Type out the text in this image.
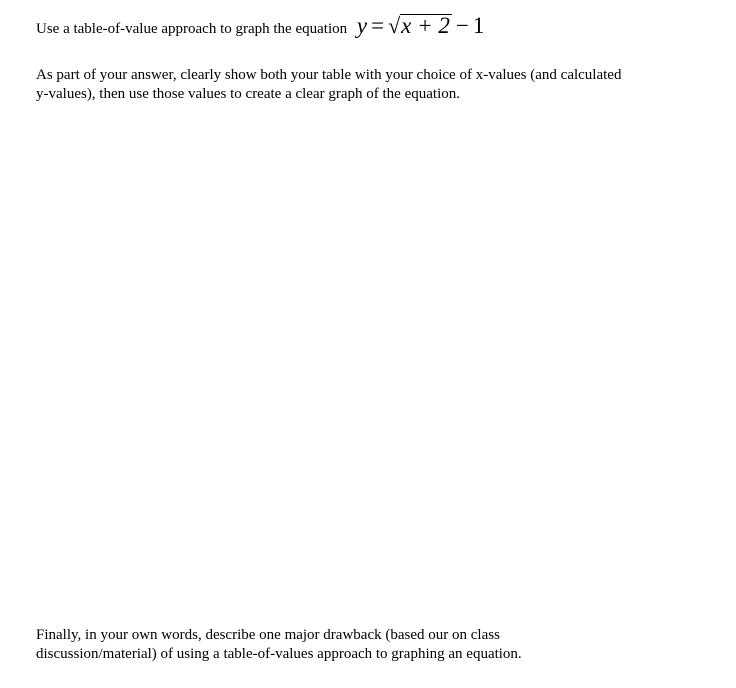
Use a table-of-value approach to graph the equation y = √ x + 2 − 1
As part of your answer, clearly show both your table with your choice of x-values (and calculated
y-values), then use those values to create a clear graph of the equation.
Finally, in your own words, describe one major drawback (based our on class
discussion/material) of using a table-of-values approach to graphing an equation.
